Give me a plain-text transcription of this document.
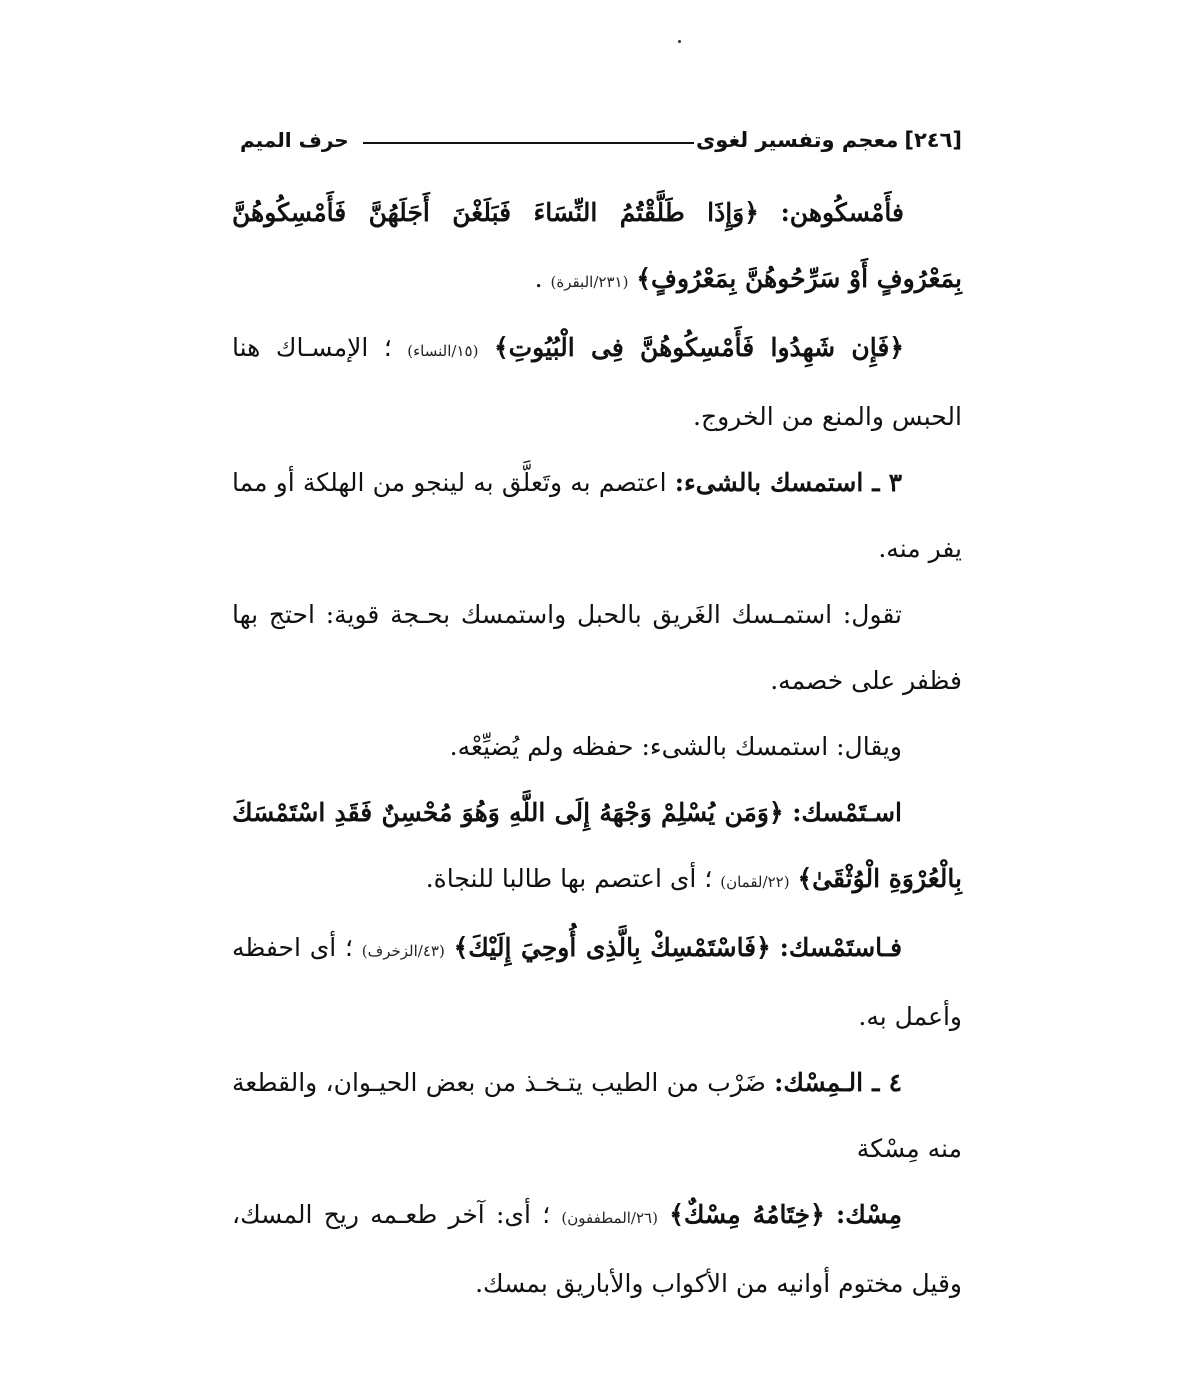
[٢٤٦]
معجم وتفسير لغوى
حرف الميم

فأَمْسكُوهن: ﴿وَإِذَا طَلَّقْتُمُ النِّسَاءَ فَبَلَغْنَ أَجَلَهُنَّ فَأَمْسِكُوهُنَّ بِمَعْرُوفٍ أَوْ سَرِّحُوهُنَّ بِمَعْرُوفٍ﴾ (٢٣١/البقرة) .

﴿فَإِن شَهِدُوا فَأَمْسِكُوهُنَّ فِى الْبُيُوتِ﴾ (١٥/النساء) ؛ الإمسـاك هنا الحبس والمنع من الخروج.

٣ ـ استمسك بالشىء: اعتصم به وتَعلَّق به لينجو من الهلكة أو مما يفر منه.

تقول: استمـسك الغَريق بالحبل واستمسك بحـجة قوية: احتج بها فظفر على خصمه.

ويقال: استمسك بالشىء: حفظه ولم يُضيِّعْه.

اسـتَمْسك: ﴿وَمَن يُسْلِمْ وَجْهَهُ إِلَى اللَّهِ وَهُوَ مُحْسِنٌ فَقَدِ اسْتَمْسَكَ بِالْعُرْوَةِ الْوُثْقَىٰ﴾ (٢٢/لقمان) ؛ أى اعتصم بها طالبا للنجاة.

فـاستَمْسك: ﴿فَاسْتَمْسِكْ بِالَّذِى أُوحِيَ إِلَيْكَ﴾ (٤٣/الزخرف) ؛ أى احفظه وأعمل به.

٤ ـ الـمِسْك: ضَرْب من الطيب يتـخـذ من بعض الحيـوان، والقطعة منه مِسْكة

مِسْك: ﴿خِتَامُهُ مِسْكٌ﴾ (٢٦/المطففون) ؛ أى: آخر طعـمه ريح المسك، وقيل مختوم أوانيه من الأكواب والأباريق بمسك.
